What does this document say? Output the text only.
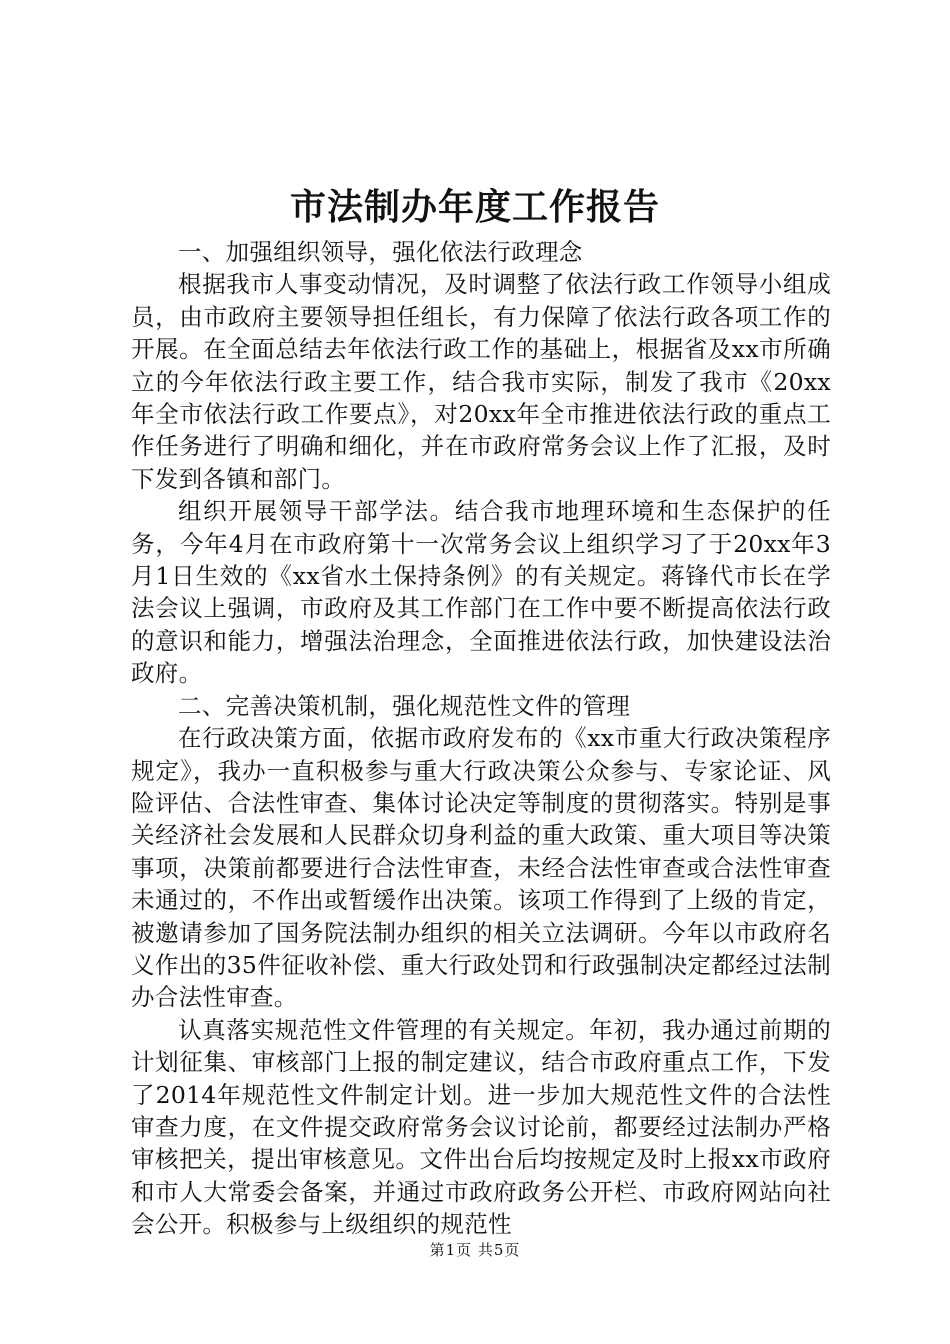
市法制办年度工作报告

一、加强组织领导，强化依法行政理念

根据我市人事变动情况，及时调整了依法行政工作领导小组成员，由市政府主要领导担任组长，有力保障了依法行政各项工作的开展。在全面总结去年依法行政工作的基础上，根据省及xx市所确立的今年依法行政主要工作，结合我市实际，制发了我市《20xx年全市依法行政工作要点》，对20xx年全市推进依法行政的重点工作任务进行了明确和细化，并在市政府常务会议上作了汇报，及时下发到各镇和部门。

组织开展领导干部学法。结合我市地理环境和生态保护的任务，今年4月在市政府第十一次常务会议上组织学习了于20xx年3月1日生效的《xx省水土保持条例》的有关规定。蒋锋代市长在学法会议上强调，市政府及其工作部门在工作中要不断提高依法行政的意识和能力，增强法治理念，全面推进依法行政，加快建设法治政府。

二、完善决策机制，强化规范性文件的管理

在行政决策方面，依据市政府发布的《xx市重大行政决策程序规定》，我办一直积极参与重大行政决策公众参与、专家论证、风险评估、合法性审查、集体讨论决定等制度的贯彻落实。特别是事关经济社会发展和人民群众切身利益的重大政策、重大项目等决策事项，决策前都要进行合法性审查，未经合法性审查或合法性审查未通过的，不作出或暂缓作出决策。该项工作得到了上级的肯定，被邀请参加了国务院法制办组织的相关立法调研。今年以市政府名义作出的35件征收补偿、重大行政处罚和行政强制决定都经过法制办合法性审查。

认真落实规范性文件管理的有关规定。年初，我办通过前期的计划征集、审核部门上报的制定建议，结合市政府重点工作，下发了2014年规范性文件制定计划。进一步加大规范性文件的合法性审查力度，在文件提交政府常务会议讨论前，都要经过法制办严格审核把关，提出审核意见。文件出台后均按规定及时上报xx市政府和市人大常委会备案，并通过市政府政务公开栏、市政府网站向社会公开。积极参与上级组织的规范性

第1页 共5页
